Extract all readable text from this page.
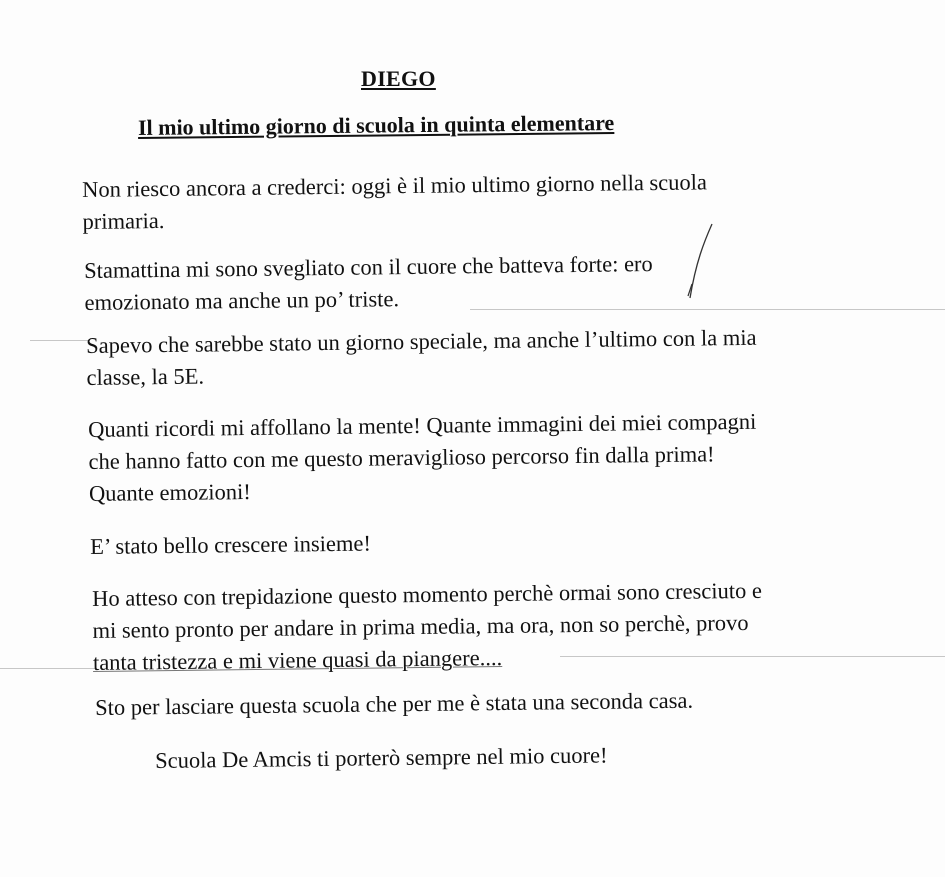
DIEGO
Il mio ultimo giorno di scuola in quinta elementare
Non riesco ancora a crederci: oggi è il mio ultimo giorno nella scuola
primaria.
Stamattina mi sono svegliato con il cuore che batteva forte: ero
emozionato ma anche un po’ triste.
Sapevo che sarebbe stato un giorno speciale, ma anche l’ultimo con la mia
classe, la 5E.
Quanti ricordi mi affollano la mente! Quante immagini dei miei compagni
che hanno fatto con me questo meraviglioso percorso fin dalla prima!
Quante emozioni!
E’ stato bello crescere insieme!
Ho atteso con trepidazione questo momento perchè ormai sono cresciuto e
mi sento pronto per andare in prima media, ma ora, non so perchè, provo
tanta tristezza e mi viene quasi da piangere....
Sto per lasciare questa scuola che per me è stata una seconda casa.
Scuola De Amcis ti porterò sempre nel mio cuore!
